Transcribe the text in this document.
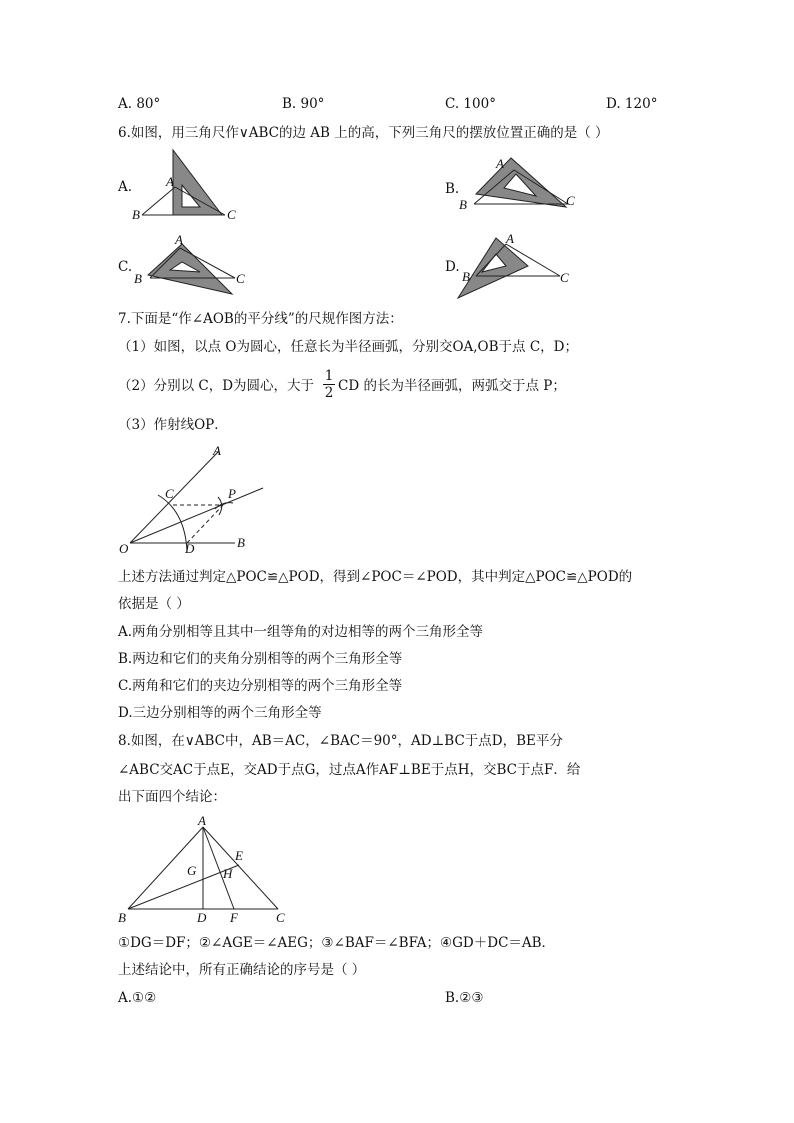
A. 80°	B. 90°	C. 100°	D. 120°
6.如图，用三角尺作∨ABC的边 AB 上的高，下列三角尺的摆放位置正确的是（ ）
A.	A
B	C
B.
A
B	C
C.
A
B	C
D.
A
B	C
7.下面是“作∠AOB的平分线”的尺规作图方法：
（1）如图，以点 O为圆心，任意长为半径画弧，分别交OA,OB于点 C，D；
（2）分别以 C，D为圆心，大于 $\frac{1}{2}$ CD 的长为半径画弧，两弧交于点 P；
（3）作射线OP．
A
C	P
O	D	B
上述方法通过判定△POC≌△POD，得到∠POC＝∠POD，其中判定△POC≌△POD的
依据是（ ）
A.两角分别相等且其中一组等角的对边相等的两个三角形全等
B.两边和它们的夹角分别相等的两个三角形全等
C.两角和它们的夹边分别相等的两个三角形全等
D.三边分别相等的两个三角形全等
8.如图，在∨ABC中，AB＝AC，∠BAC＝90°，AD⊥BC于点D，BE平分
∠ABC交AC于点E，交AD于点G，过点A作AF⊥BE于点H，交BC于点F．给
出下面四个结论：
A
E
G H
B	D F	C
①DG＝DF；②∠AGE＝∠AEG；③∠BAF＝∠BFA；④GD＋DC＝AB．
上述结论中，所有正确结论的序号是（ ）
A.①②	B.②③
